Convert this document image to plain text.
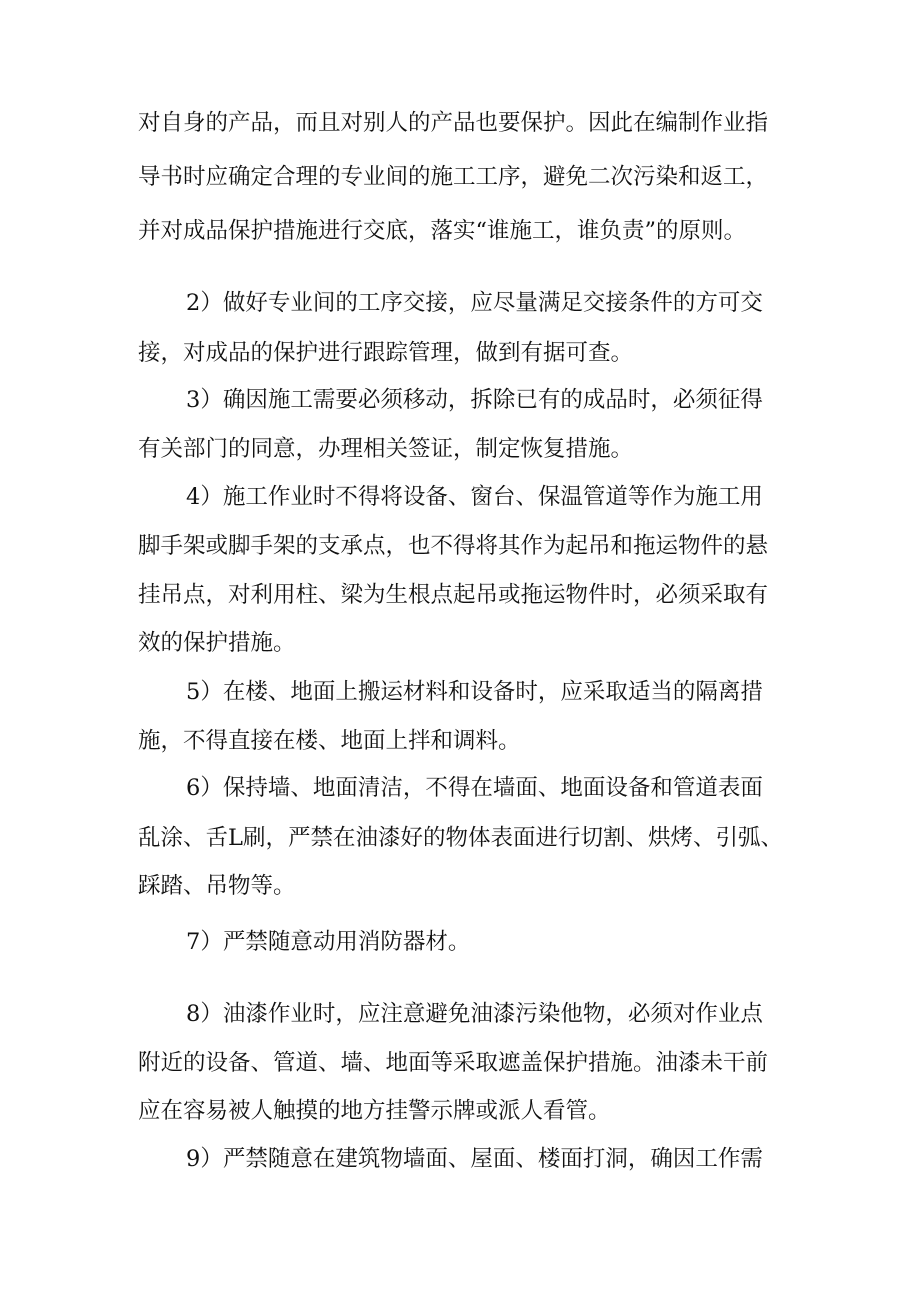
对自身的产品，而且对别人的产品也要保护。因此在编制作业指
导书时应确定合理的专业间的施工工序，避免二次污染和返工，
并对成品保护措施进行交底，落实“谁施工，谁负责”的原则。
2）做好专业间的工序交接，应尽量满足交接条件的方可交
接，对成品的保护进行跟踪管理，做到有据可查。
3）确因施工需要必须移动，拆除已有的成品时，必须征得
有关部门的同意，办理相关签证，制定恢复措施。
4）施工作业时不得将设备、窗台、保温管道等作为施工用
脚手架或脚手架的支承点，也不得将其作为起吊和拖运物件的悬
挂吊点，对利用柱、梁为生根点起吊或拖运物件时，必须采取有
效的保护措施。
5）在楼、地面上搬运材料和设备时，应采取适当的隔离措
施，不得直接在楼、地面上拌和调料。
6）保持墙、地面清洁，不得在墙面、地面设备和管道表面
乱涂、舌L刷，严禁在油漆好的物体表面进行切割、烘烤、引弧、
踩踏、吊物等。
7）严禁随意动用消防器材。
8）油漆作业时，应注意避免油漆污染他物，必须对作业点
附近的设备、管道、墙、地面等采取遮盖保护措施。油漆未干前
应在容易被人触摸的地方挂警示牌或派人看管。
9）严禁随意在建筑物墙面、屋面、楼面打洞，确因工作需
